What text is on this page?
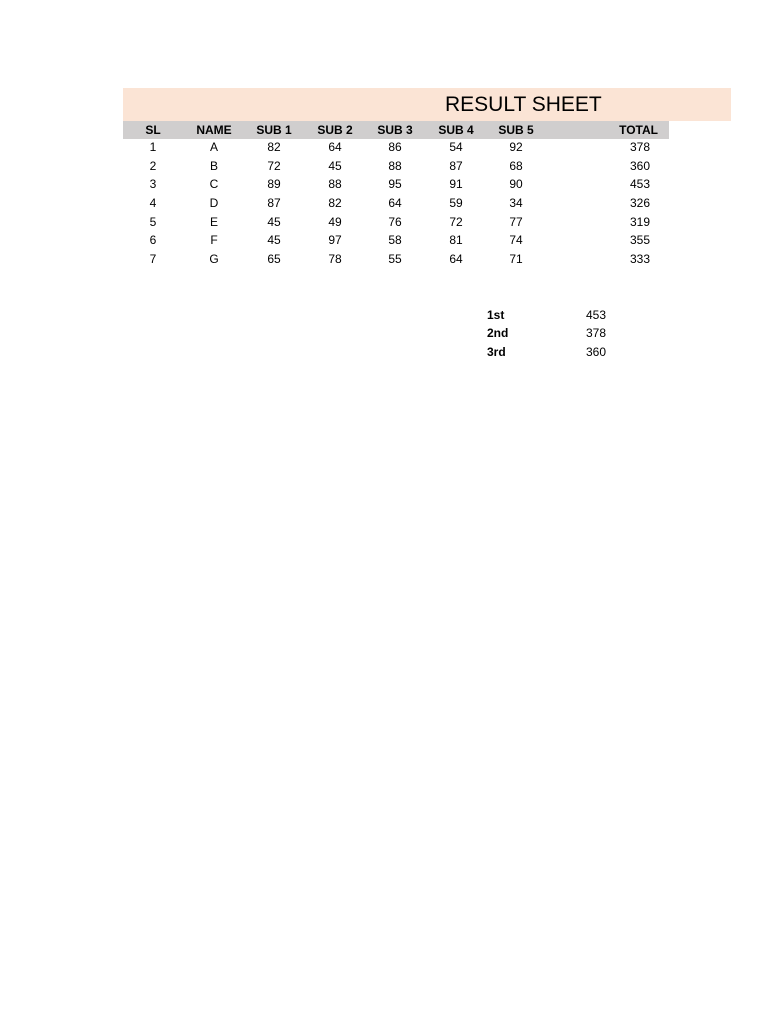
RESULT SHEET
SL	NAME	SUB 1	SUB 2	SUB 3	SUB 4	SUB 5	TOTAL
1	A	82	64	86	54	92	378
2	B	72	45	88	87	68	360
3	C	89	88	95	91	90	453
4	D	87	82	64	59	34	326
5	E	45	49	76	72	77	319
6	F	45	97	58	81	74	355
7	G	65	78	55	64	71	333
1st	453
2nd	378
3rd	360
